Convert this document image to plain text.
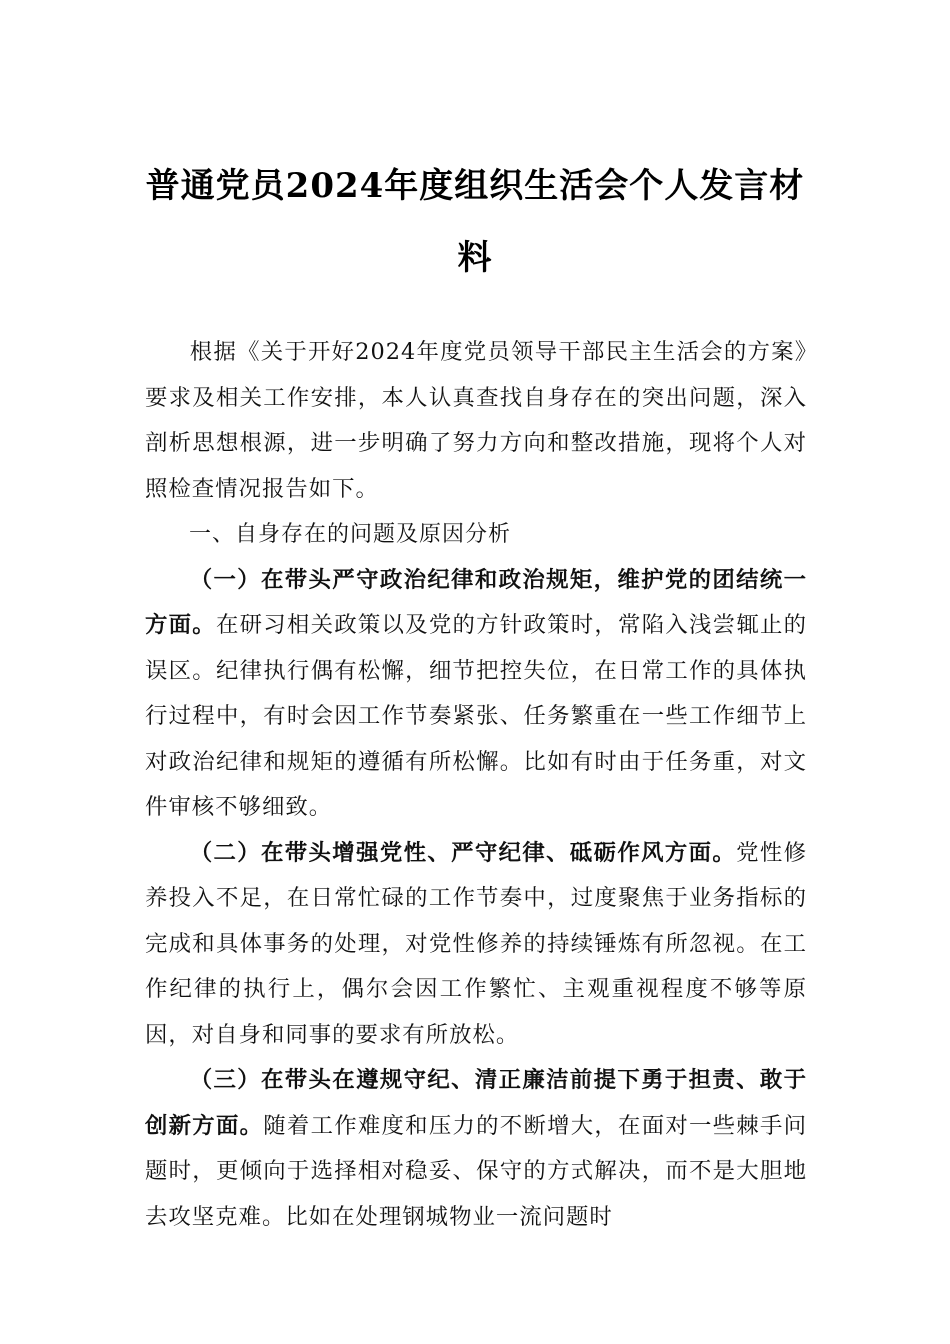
普通党员2024年度组织生活会个人发言材料

根据《关于开好2024年度党员领导干部民主生活会的方案》要求及相关工作安排，本人认真查找自身存在的突出问题，深入剖析思想根源，进一步明确了努力方向和整改措施，现将个人对照检查情况报告如下。

一、自身存在的问题及原因分析

（一）在带头严守政治纪律和政治规矩，维护党的团结统一方面。在研习相关政策以及党的方针政策时，常陷入浅尝辄止的误区。纪律执行偶有松懈，细节把控失位，在日常工作的具体执行过程中，有时会因工作节奏紧张、任务繁重在一些工作细节上对政治纪律和规矩的遵循有所松懈。比如有时由于任务重，对文件审核不够细致。

（二）在带头增强党性、严守纪律、砥砺作风方面。党性修养投入不足，在日常忙碌的工作节奏中，过度聚焦于业务指标的完成和具体事务的处理，对党性修养的持续锤炼有所忽视。在工作纪律的执行上，偶尔会因工作繁忙、主观重视程度不够等原因，对自身和同事的要求有所放松。

（三）在带头在遵规守纪、清正廉洁前提下勇于担责、敢于创新方面。随着工作难度和压力的不断增大，在面对一些棘手问题时，更倾向于选择相对稳妥、保守的方式解决，而不是大胆地去攻坚克难。比如在处理钢城物业一流问题时
